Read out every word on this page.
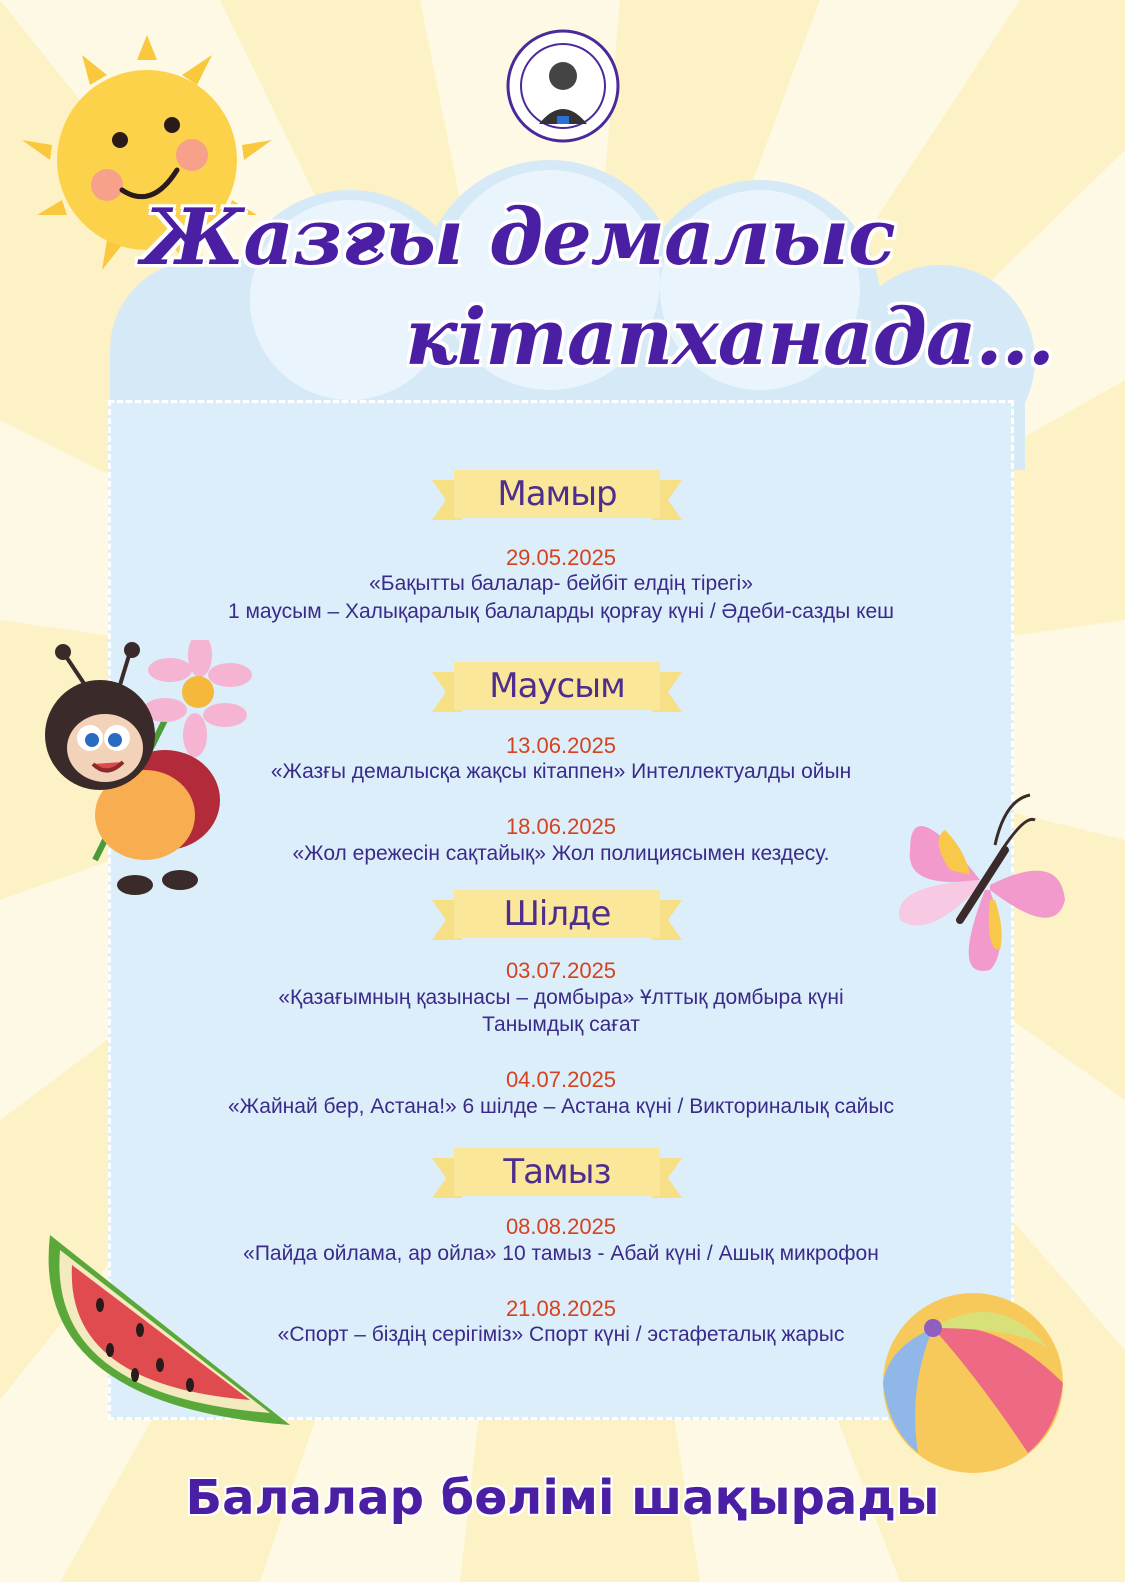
Жазғы демалыс
кітапханада...
Мамыр
Маусым
Шілде
Тамыз
29.05.2025
«Бақытты балалар- бейбіт елдің тірегі»
1 маусым – Халықаралық балаларды қорғау күні / Әдеби-сазды кеш
13.06.2025
«Жазғы демалысқа жақсы кітаппен» Интеллектуалды ойын
18.06.2025
«Жол ережесін сақтайық» Жол полициясымен кездесу.
03.07.2025
«Қазағымның қазынасы – домбыра» Ұлттық домбыра күні
Танымдық сағат
04.07.2025
«Жайнай бер, Астана!» 6 шілде – Астана күні / Викториналық сайыс
08.08.2025
«Пайда ойлама, ар ойла» 10 тамыз - Абай күні / Ашық микрофон
21.08.2025
«Спорт – біздің серігіміз» Спорт күні / эстафеталық жарыс
Балалар бөлімі шақырады
